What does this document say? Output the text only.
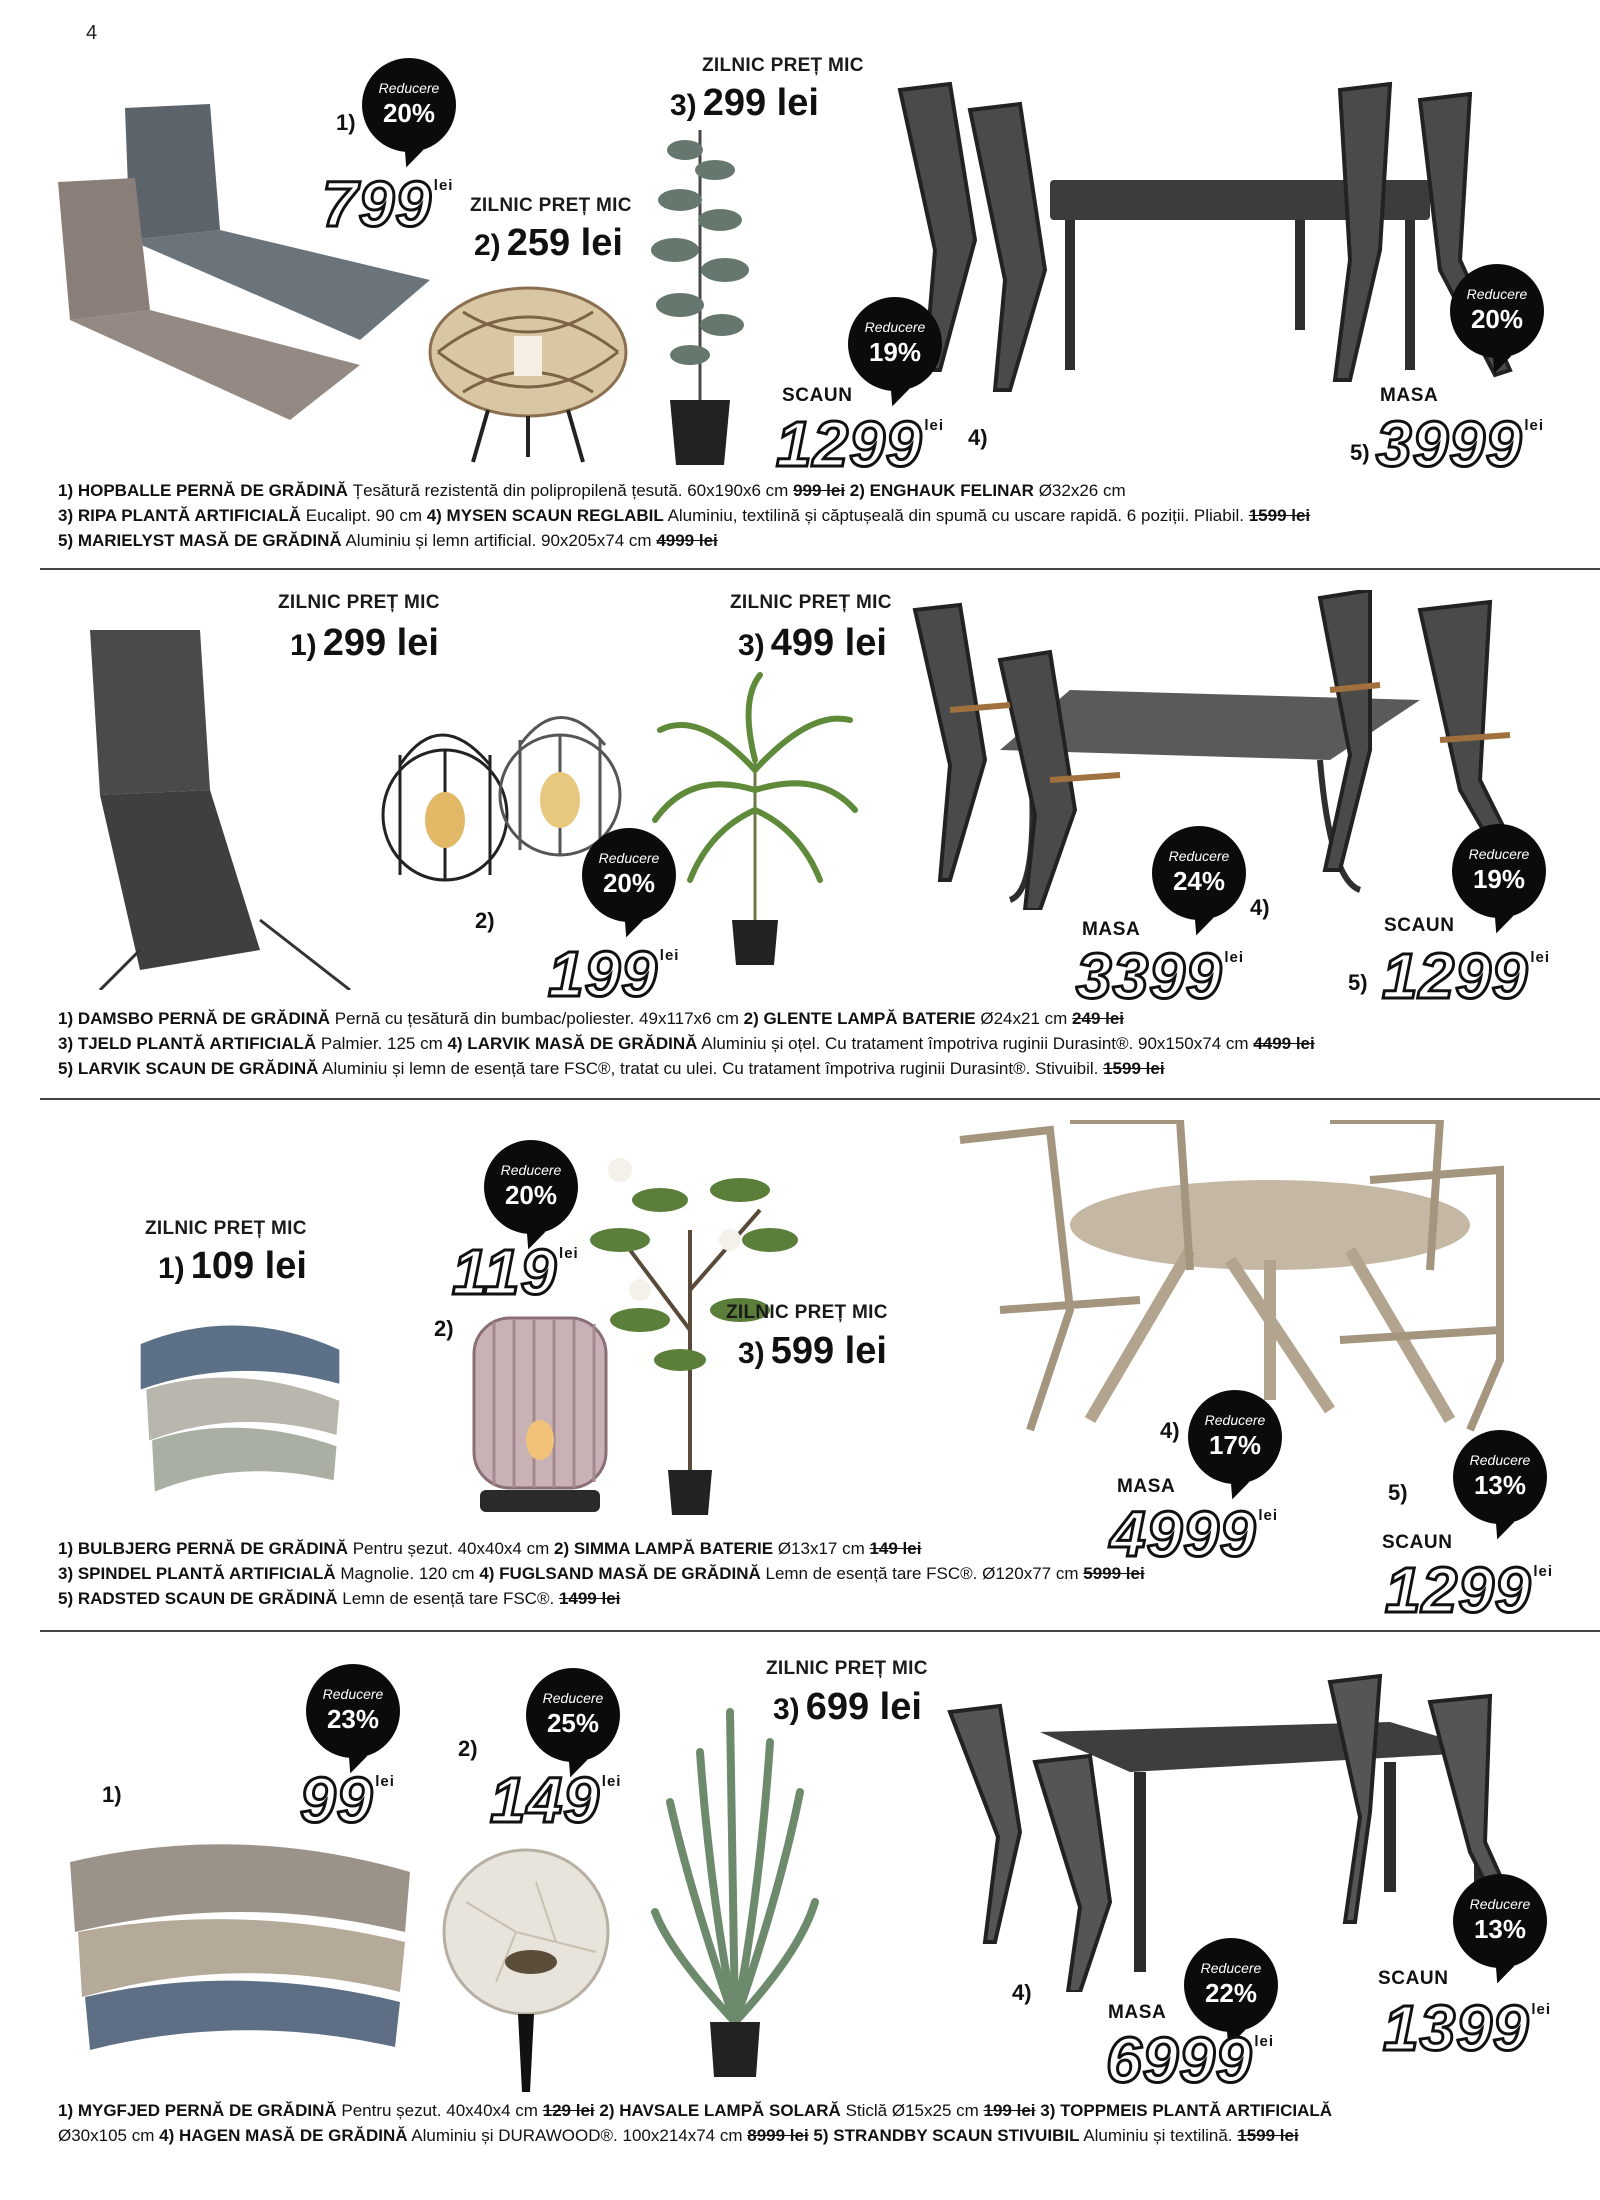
4
Reducere
20%
1)
799 $^{lei}$
ZILNIC PREȚ MIC
2) 259 lei
ZILNIC PREȚ MIC
3) 299 lei
Reducere
19%
SCAUN
1299 $^{lei}$ 4)
Reducere
20%
MASA
5) 3999 $^{lei}$
1) HOPBALLE PERNĂ DE GRĂDINĂ Țesătură rezistentă din polipropilenă țesută. 60x190x6 cm 999 lei 2) ENGHAUK FELINAR Ø32x26 cm
3) RIPA PLANTĂ ARTIFICIALĂ Eucalipt. 90 cm 4) MYSEN SCAUN REGLABIL Aluminiu, textilină și căptușeală din spumă cu uscare rapidă. 6 poziții. Pliabil. 1599 lei
5) MARIELYST MASĂ DE GRĂDINĂ Aluminiu și lemn artificial. 90x205x74 cm 4999 lei
ZILNIC PREȚ MIC
1) 299 lei
Reducere
20%
2)
199 $^{lei}$
ZILNIC PREȚ MIC
3) 499 lei
Reducere
24%
4)
MASA
3399 $^{lei}$
Reducere
19%
SCAUN
5) 1299 $^{lei}$
1) DAMSBO PERNĂ DE GRĂDINĂ Pernă cu țesătură din bumbac/poliester. 49x117x6 cm 2) GLENTE LAMPĂ BATERIE Ø24x21 cm 249 lei
3) TJELD PLANTĂ ARTIFICIALĂ Palmier. 125 cm 4) LARVIK MASĂ DE GRĂDINĂ Aluminiu și oțel. Cu tratament împotriva ruginii Durasint®. 90x150x74 cm 4499 lei
5) LARVIK SCAUN DE GRĂDINĂ Aluminiu și lemn de esență tare FSC®, tratat cu ulei. Cu tratament împotriva ruginii Durasint®. Stivuibil. 1599 lei
ZILNIC PREȚ MIC
1) 109 lei
Reducere
20%
119 $^{lei}$
2)
ZILNIC PREȚ MIC
3) 599 lei
Reducere
17%
4)
MASA
4999 $^{lei}$
Reducere
13%
5)
SCAUN
1299 $^{lei}$
1) BULBJERG PERNĂ DE GRĂDINĂ Pentru șezut. 40x40x4 cm 2) SIMMA LAMPĂ BATERIE Ø13x17 cm 149 lei
3) SPINDEL PLANTĂ ARTIFICIALĂ Magnolie. 120 cm 4) FUGLSAND MASĂ DE GRĂDINĂ Lemn de esență tare FSC®. Ø120x77 cm 5999 lei
5) RADSTED SCAUN DE GRĂDINĂ Lemn de esență tare FSC®. 1499 lei
Reducere
23%
1)	99 $^{lei}$
Reducere
25%
2)
149 $^{lei}$
ZILNIC PREȚ MIC
3) 699 lei
Reducere
22%
4)
MASA
6999 $^{lei}$
Reducere
13%
SCAUN
1399 $^{lei}$
1) MYGFJED PERNĂ DE GRĂDINĂ Pentru șezut. 40x40x4 cm 129 lei 2) HAVSALE LAMPĂ SOLARĂ Sticlă Ø15x25 cm 199 lei 3) TOPPMEIS PLANTĂ ARTIFICIALĂ
Ø30x105 cm 4) HAGEN MASĂ DE GRĂDINĂ Aluminiu și DURAWOOD®. 100x214x74 cm 8999 lei 5) STRANDBY SCAUN STIVUIBIL Aluminiu și textilină. 1599 lei
